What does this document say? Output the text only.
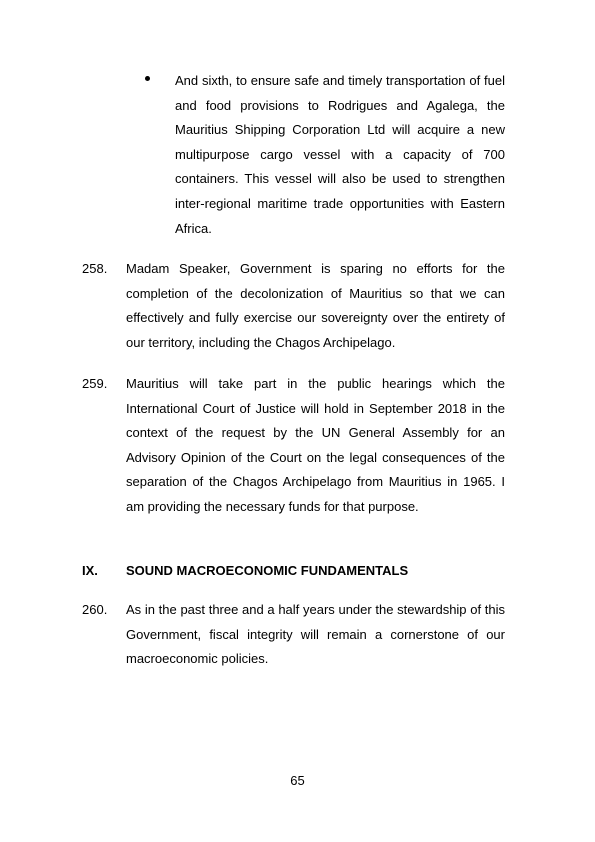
And sixth, to ensure safe and timely transportation of fuel and food provisions to Rodrigues and Agalega, the Mauritius Shipping Corporation Ltd will acquire a new multipurpose cargo vessel with a capacity of 700 containers. This vessel will also be used to strengthen inter-regional maritime trade opportunities with Eastern Africa.
258. Madam Speaker, Government is sparing no efforts for the completion of the decolonization of Mauritius so that we can effectively and fully exercise our sovereignty over the entirety of our territory, including the Chagos Archipelago.
259. Mauritius will take part in the public hearings which the International Court of Justice will hold in September 2018 in the context of the request by the UN General Assembly for an Advisory Opinion of the Court on the legal consequences of the separation of the Chagos Archipelago from Mauritius in 1965. I am providing the necessary funds for that purpose.
IX. SOUND MACROECONOMIC FUNDAMENTALS
260. As in the past three and a half years under the stewardship of this Government, fiscal integrity will remain a cornerstone of our macroeconomic policies.
65
